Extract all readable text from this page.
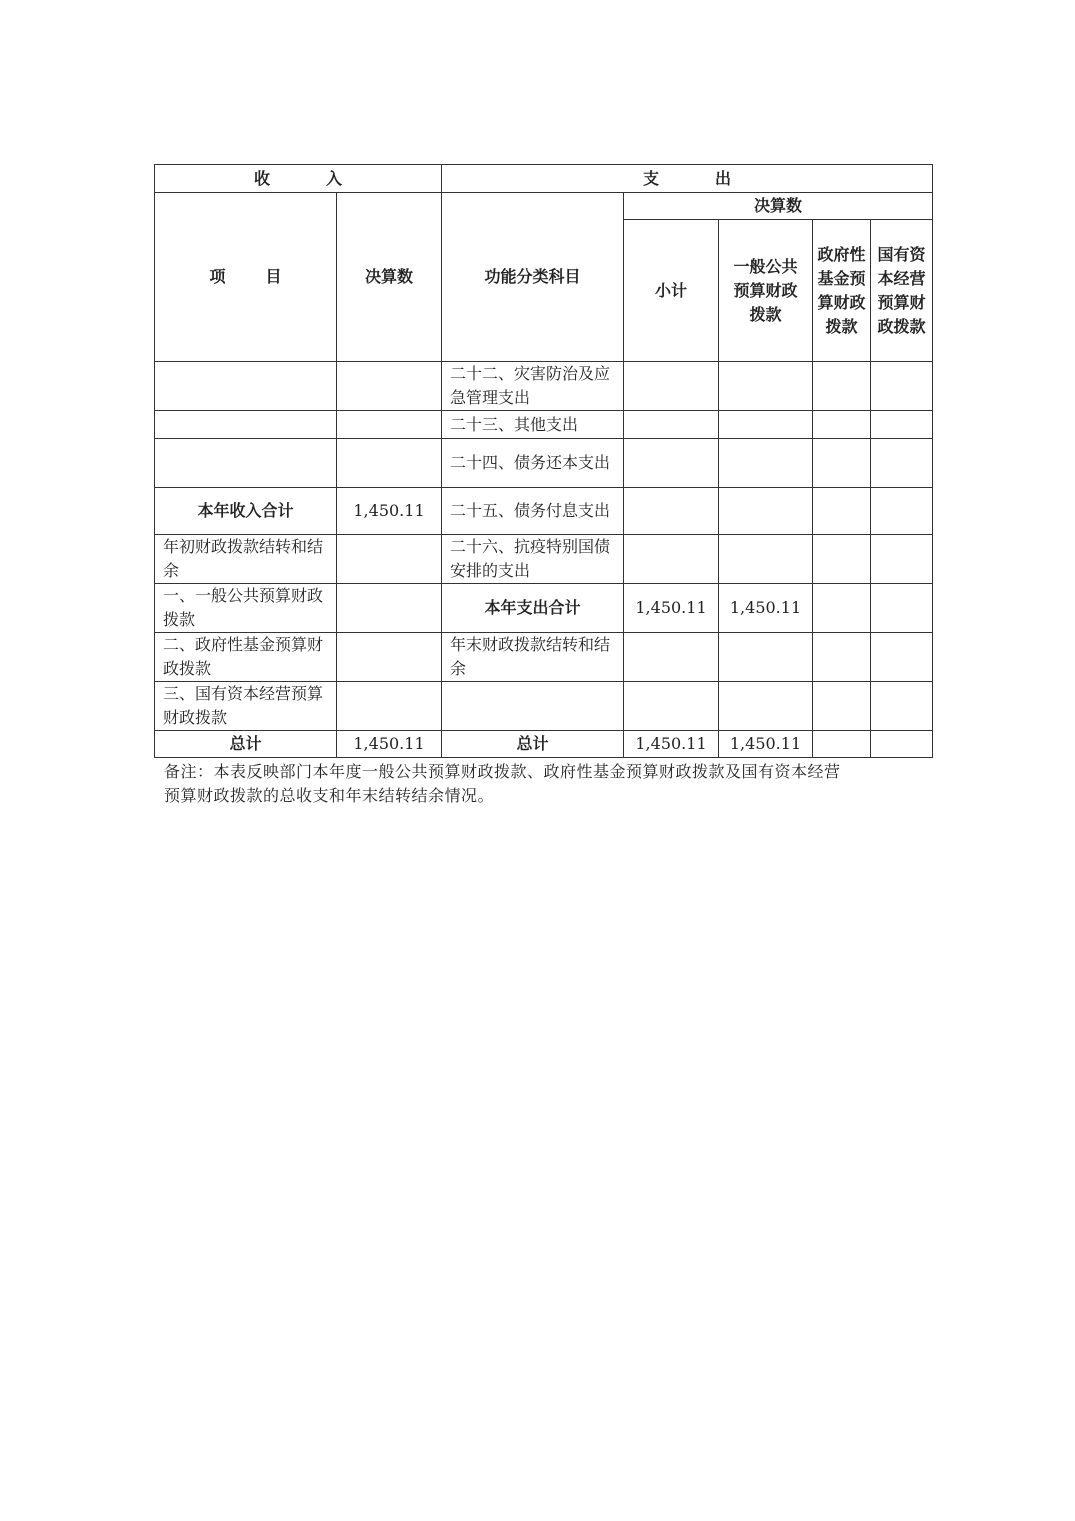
收 入		支 出				
项 目	决算数	功能分类科目	决算数			
			小计	一般公共预算财政拨款	政府性基金预算财政拨款	国有资本经营预算财政拨款
		二十二、灾害防治及应急管理支出				
		二十三、其他支出				
		二十四、债务还本支出				
本年收入合计	1,450.11	二十五、债务付息支出				
年初财政拨款结转和结余		二十六、抗疫特别国债安排的支出				
一、一般公共预算财政拨款		本年支出合计	1,450.11	1,450.11		
二、政府性基金预算财政拨款		年末财政拨款结转和结余				
三、国有资本经营预算财政拨款						
总计	1,450.11	总计	1,450.11	1,450.11		
备注：本表反映部门本年度一般公共预算财政拨款、政府性基金预算财政拨款及国有资本经营
预算财政拨款的总收支和年末结转结余情况。
